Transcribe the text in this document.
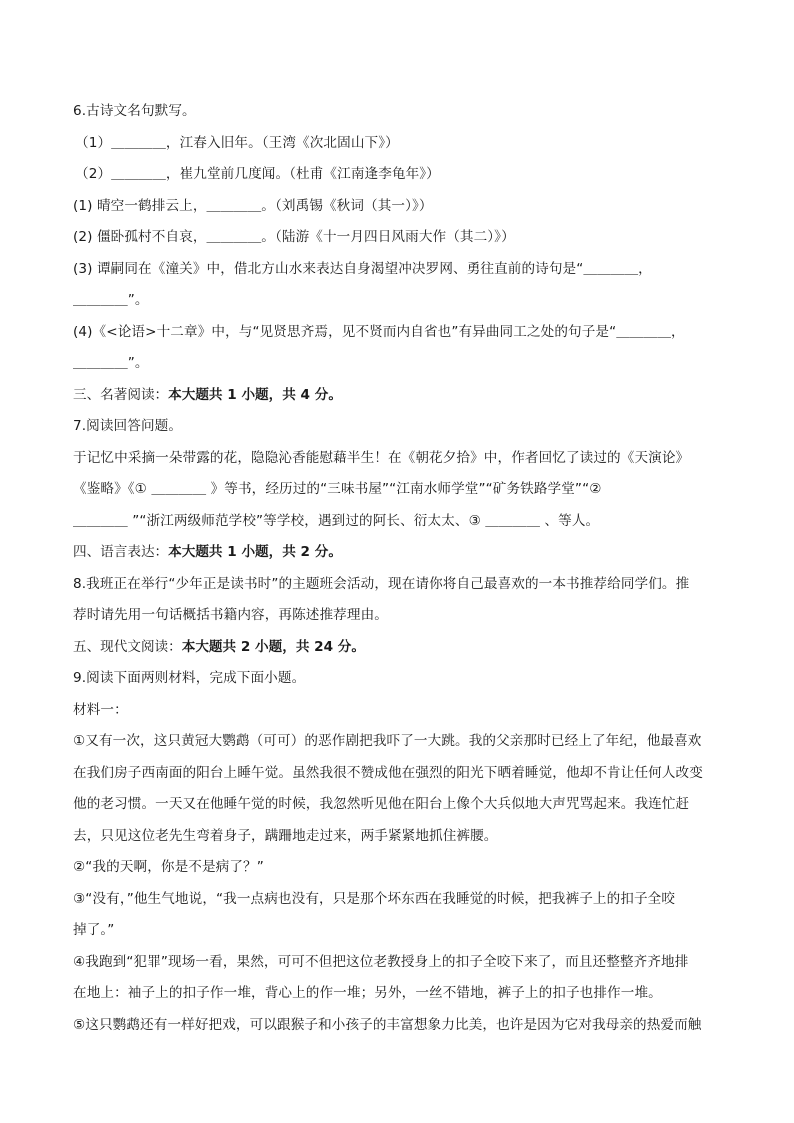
6.古诗文名句默写。
（1）＿＿＿＿，江春入旧年。（王湾《次北固山下》）
（2）＿＿＿＿，崔九堂前几度闻。（杜甫《江南逢李龟年》）
(1) 晴空一鹤排云上，＿＿＿＿。（刘禹锡《秋词（其一）》）
(2) 僵卧孤村不自哀，＿＿＿＿。（陆游《十一月四日风雨大作（其二）》）
(3) 谭嗣同在《潼关》中，借北方山水来表达自身渴望冲决罗网、勇往直前的诗句是“＿＿＿＿，
＿＿＿＿”。
(4)《<论语>十二章》中，与“见贤思齐焉，见不贤而内自省也”有异曲同工之处的句子是“＿＿＿＿，
＿＿＿＿”。
三、名著阅读：本大题共 1 小题，共 4 分。
7.阅读回答问题。
于记忆中采摘一朵带露的花，隐隐沁香能慰藉半生！在《朝花夕拾》中，作者回忆了读过的《天演论》
《鉴略》《① ＿＿＿＿ 》等书，经历过的“三味书屋”“江南水师学堂”“矿务铁路学堂”“②
＿＿＿＿ ”“浙江两级师范学校”等学校，遇到过的阿长、衍太太、③ ＿＿＿＿ 、等人。
四、语言表达：本大题共 1 小题，共 2 分。
8.我班正在举行“少年正是读书时”的主题班会活动，现在请你将自己最喜欢的一本书推荐给同学们。推
荐时请先用一句话概括书籍内容，再陈述推荐理由。
五、现代文阅读：本大题共 2 小题，共 24 分。
9.阅读下面两则材料，完成下面小题。
材料一：
①又有一次，这只黄冠大鹦鹉（可可）的恶作剧把我吓了一大跳。我的父亲那时已经上了年纪，他最喜欢
在我们房子西南面的阳台上睡午觉。虽然我很不赞成他在强烈的阳光下晒着睡觉，他却不肯让任何人改变
他的老习惯。一天又在他睡午觉的时候，我忽然听见他在阳台上像个大兵似地大声咒骂起来。我连忙赶
去，只见这位老先生弯着身子，蹒跚地走过来，两手紧紧地抓住裤腰。
②“我的天啊，你是不是病了？”
③“没有，”他生气地说，“我一点病也没有，只是那个坏东西在我睡觉的时候，把我裤子上的扣子全咬
掉了。”
④我跑到“犯罪”现场一看，果然，可可不但把这位老教授身上的扣子全咬下来了，而且还整整齐齐地排
在地上：袖子上的扣子作一堆，背心上的作一堆；另外，一丝不错地，裤子上的扣子也排作一堆。
⑤这只鹦鹉还有一样好把戏，可以跟猴子和小孩子的丰富想象力比美，也许是因为它对我母亲的热爱而触
